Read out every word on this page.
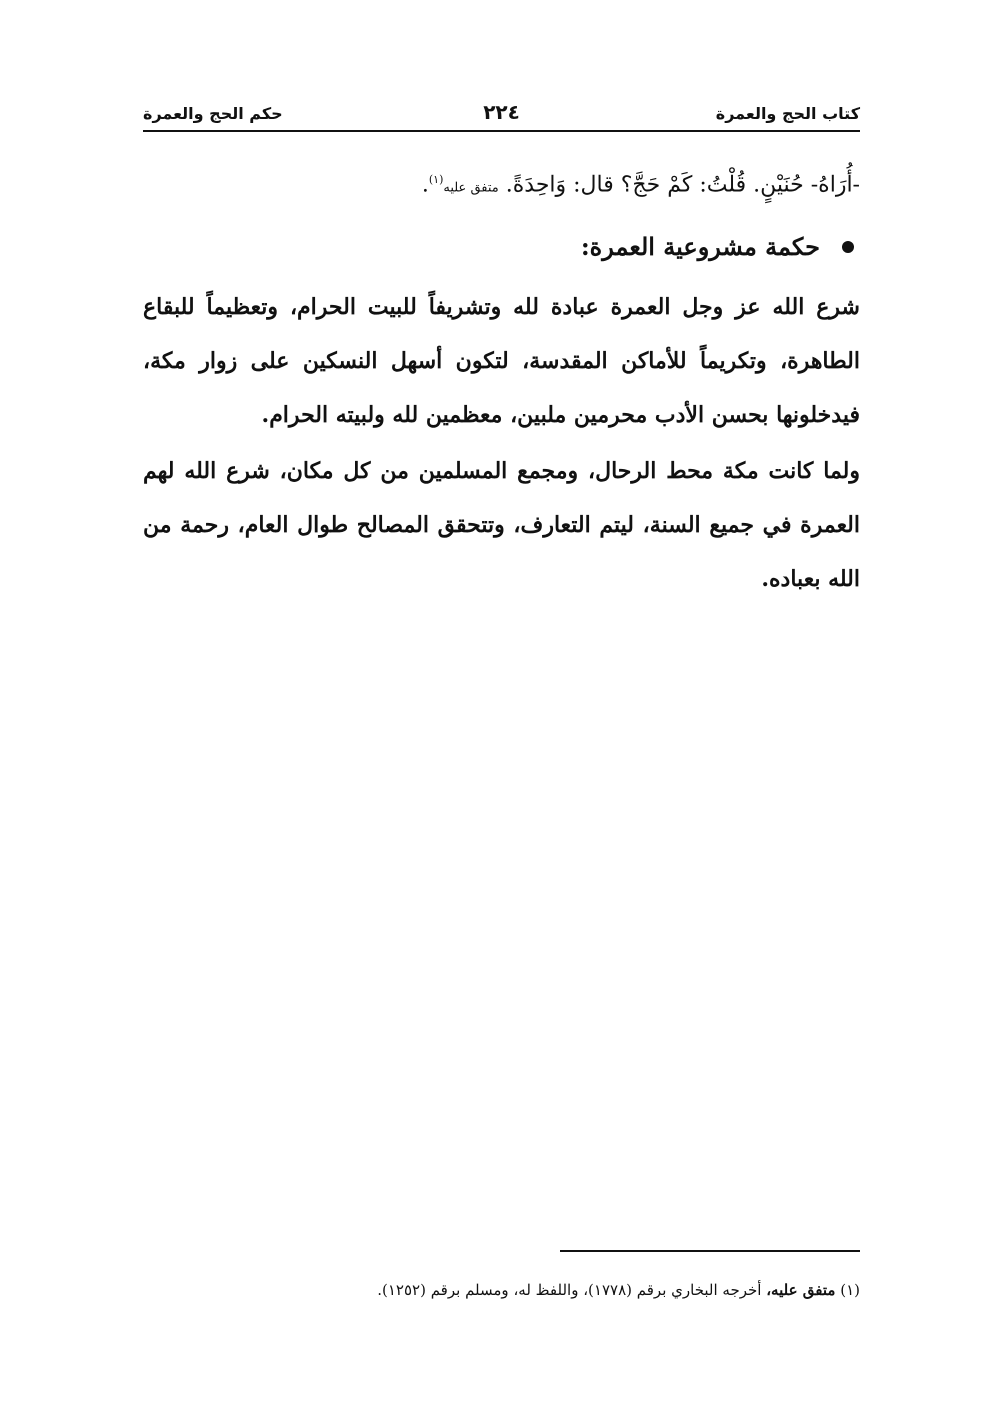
كتاب الحج والعمرة
٢٢٤
حكم الحج والعمرة

-أُرَاهُ- حُنَيْنٍ. قُلْتُ: كَمْ حَجَّ؟ قال: وَاحِدَةً. متفق عليه$^{(١)}$.

حكمة مشروعية العمرة:

شرع الله عز وجل العمرة عبادة لله وتشريفاً للبيت الحرام، وتعظيماً للبقاع الطاهرة، وتكريماً للأماكن المقدسة، لتكون أسهل النسكين على زوار مكة، فيدخلونها بحسن الأدب محرمين ملبين، معظمين لله ولبيته الحرام.

ولما كانت مكة محط الرحال، ومجمع المسلمين من كل مكان، شرع الله لهم العمرة في جميع السنة، ليتم التعارف، وتتحقق المصالح طوال العام، رحمة من الله بعباده.

(١) متفق عليه، أخرجه البخاري برقم (١٧٧٨)، واللفظ له، ومسلم برقم (١٢٥٢).
